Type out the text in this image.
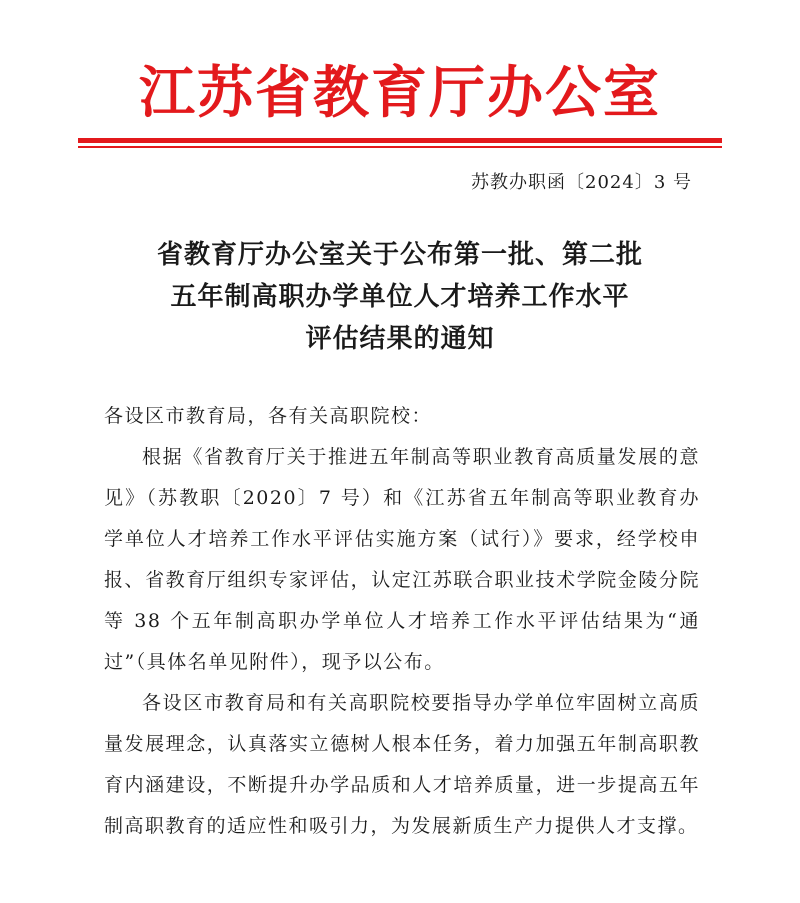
江苏省教育厅办公室
苏教办职函〔2024〕3 号
省教育厅办公室关于公布第一批、第二批
五年制高职办学单位人才培养工作水平
评估结果的通知
各设区市教育局，各有关高职院校：

根据《省教育厅关于推进五年制高等职业教育高质量发展的意见》（苏教职〔2020〕7 号）和《江苏省五年制高等职业教育办学单位人才培养工作水平评估实施方案（试行）》要求，经学校申报、省教育厅组织专家评估，认定江苏联合职业技术学院金陵分院等 38 个五年制高职办学单位人才培养工作水平评估结果为“通过”（具体名单见附件），现予以公布。

各设区市教育局和有关高职院校要指导办学单位牢固树立高质量发展理念，认真落实立德树人根本任务，着力加强五年制高职教育内涵建设，不断提升办学品质和人才培养质量，进一步提高五年制高职教育的适应性和吸引力，为发展新质生产力提供人才支撑。
